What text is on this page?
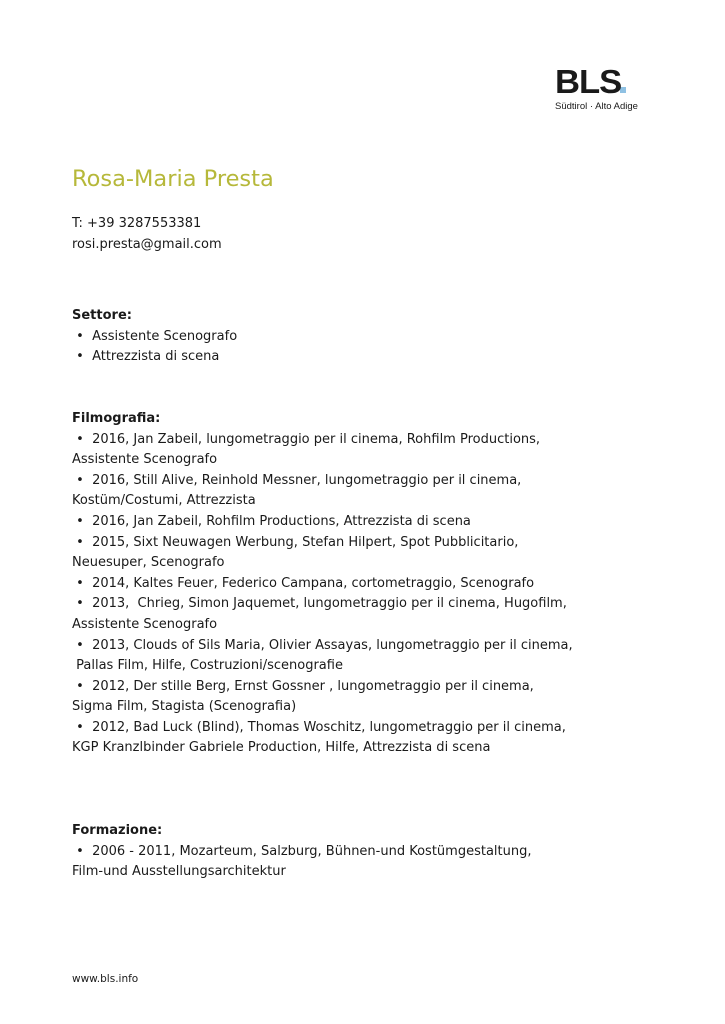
BLS
Südtirol · Alto Adige
Rosa-Maria Presta
T: +39 3287553381
rosi.presta@gmail.com
Settore:
•  Assistente Scenografo
•  Attrezzista di scena
Filmografia:
•  2016, Jan Zabeil, lungometraggio per il cinema, Rohfilm Productions,
Assistente Scenografo
•  2016, Still Alive, Reinhold Messner, lungometraggio per il cinema,
Kostüm/Costumi, Attrezzista
•  2016, Jan Zabeil, Rohfilm Productions, Attrezzista di scena
•  2015, Sixt Neuwagen Werbung, Stefan Hilpert, Spot Pubblicitario,
Neuesuper, Scenografo
•  2014, Kaltes Feuer, Federico Campana, cortometraggio, Scenografo
•  2013,  Chrieg, Simon Jaquemet, lungometraggio per il cinema, Hugofilm,
Assistente Scenografo
•  2013, Clouds of Sils Maria, Olivier Assayas, lungometraggio per il cinema,
Pallas Film, Hilfe, Costruzioni/scenografie
•  2012, Der stille Berg, Ernst Gossner , lungometraggio per il cinema,
Sigma Film, Stagista (Scenografia)
•  2012, Bad Luck (Blind), Thomas Woschitz, lungometraggio per il cinema,
KGP Kranzlbinder Gabriele Production, Hilfe, Attrezzista di scena
Formazione:
•  2006 - 2011, Mozarteum, Salzburg, Bühnen-und Kostümgestaltung,
Film-und Ausstellungsarchitektur
www.bls.info
